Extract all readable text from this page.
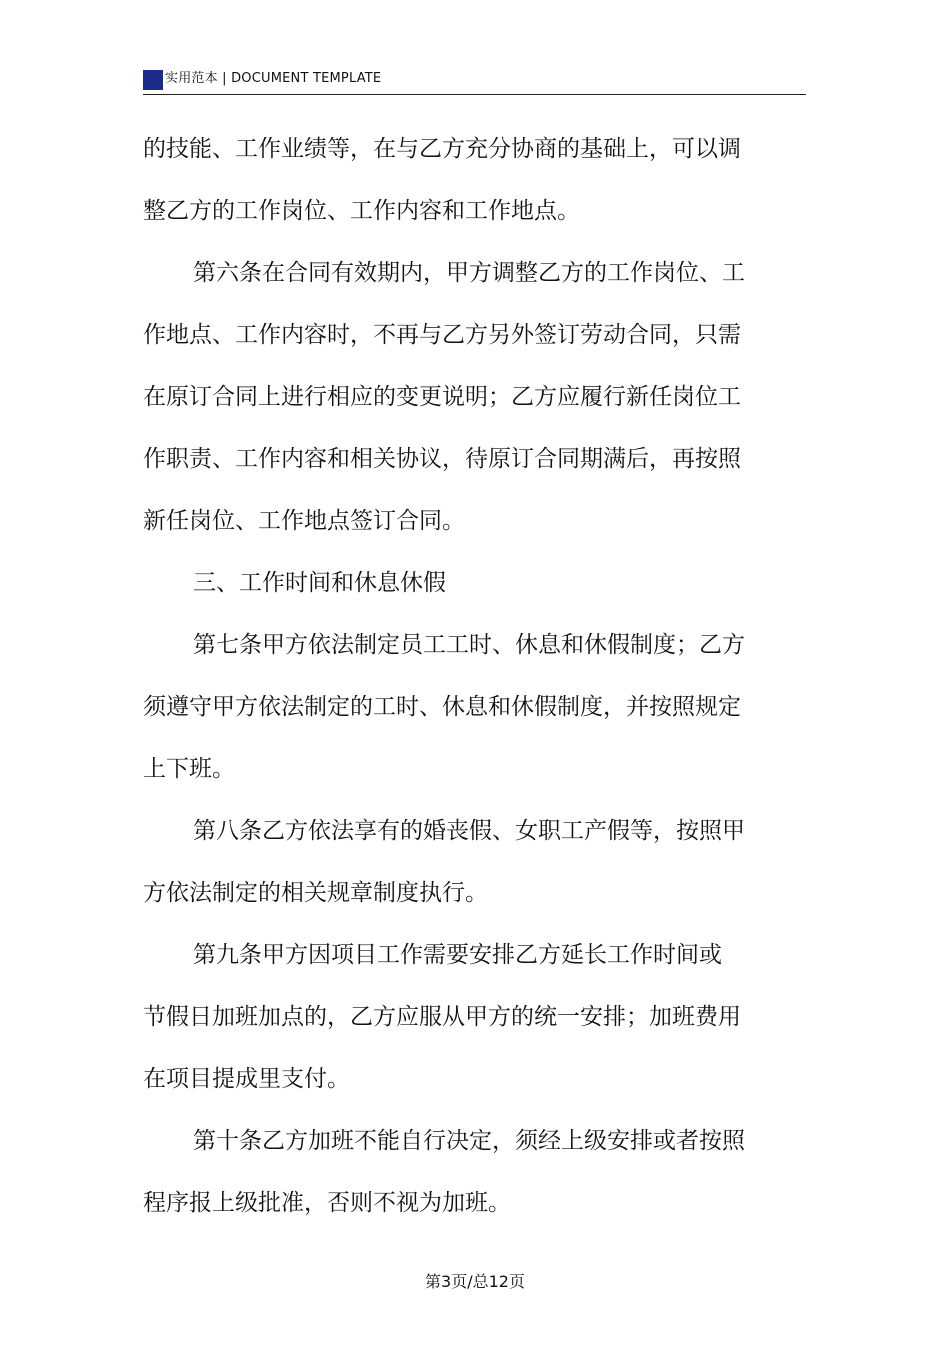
实用范本 | DOCUMENT TEMPLATE

的技能、工作业绩等，在与乙方充分协商的基础上，可以调

整乙方的工作岗位、工作内容和工作地点。

第六条在合同有效期内，甲方调整乙方的工作岗位、工

作地点、工作内容时，不再与乙方另外签订劳动合同，只需

在原订合同上进行相应的变更说明；乙方应履行新任岗位工

作职责、工作内容和相关协议，待原订合同期满后，再按照

新任岗位、工作地点签订合同。

三、工作时间和休息休假

第七条甲方依法制定员工工时、休息和休假制度；乙方

须遵守甲方依法制定的工时、休息和休假制度，并按照规定

上下班。

第八条乙方依法享有的婚丧假、女职工产假等，按照甲

方依法制定的相关规章制度执行。

第九条甲方因项目工作需要安排乙方延长工作时间或

节假日加班加点的，乙方应服从甲方的统一安排；加班费用

在项目提成里支付。

第十条乙方加班不能自行决定，须经上级安排或者按照

程序报上级批准，否则不视为加班。

第3页/总12页
